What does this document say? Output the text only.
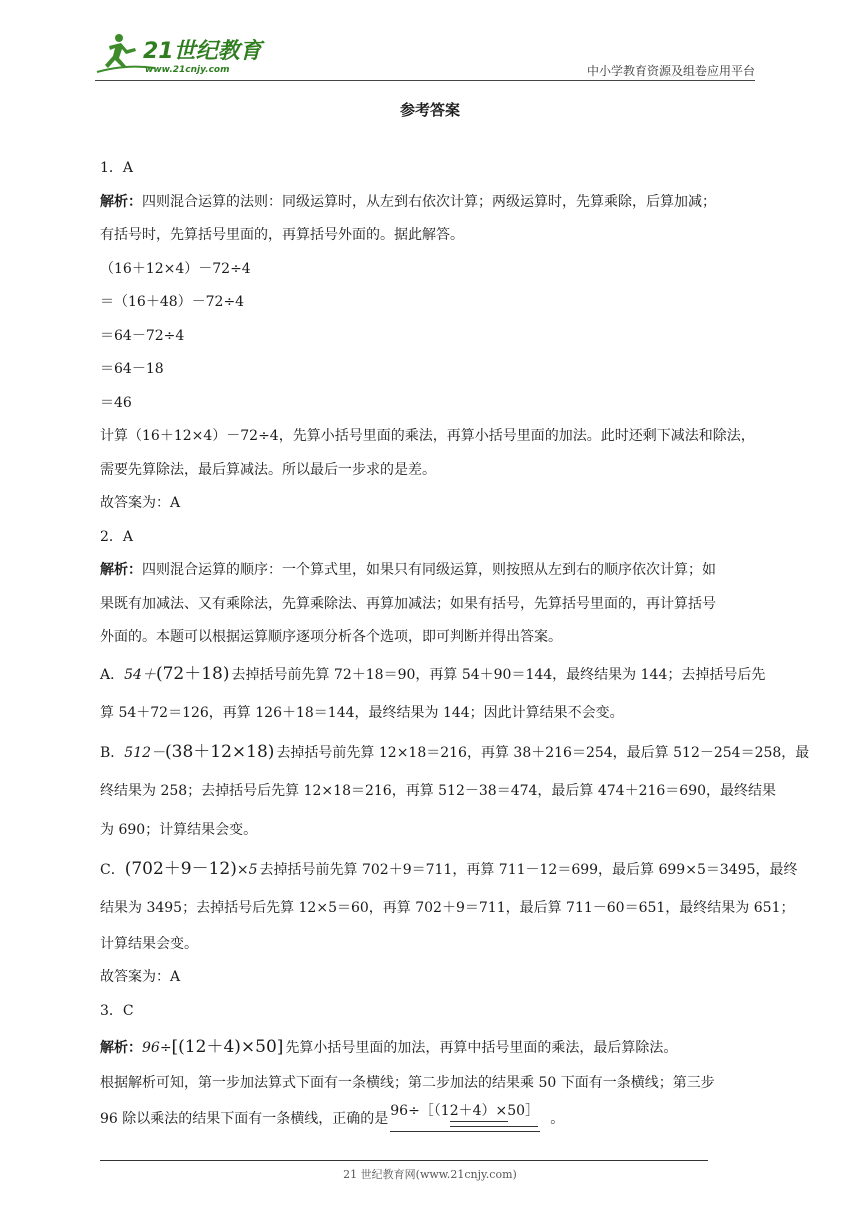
21世纪教育
www.21cnjy.com	中小学教育资源及组卷应用平台
参考答案
1．A
解析：四则混合运算的法则：同级运算时，从左到右依次计算；两级运算时，先算乘除，后算加减；
有括号时，先算括号里面的，再算括号外面的。据此解答。
（16＋12×4）－72÷4
＝（16＋48）－72÷4
＝64－72÷4
＝64－18
＝46
计算（16＋12×4）－72÷4，先算小括号里面的乘法，再算小括号里面的加法。此时还剩下减法和除法，
需要先算除法，最后算减法。所以最后一步求的是差。
故答案为：A
2．A
解析：四则混合运算的顺序：一个算式里，如果只有同级运算，则按照从左到右的顺序依次计算；如
果既有加减法、又有乘除法，先算乘除法、再算加减法；如果有括号，先算括号里面的，再计算括号
外面的。本题可以根据运算顺序逐项分析各个选项，即可判断并得出答案。
A．54＋(72＋18) 去掉括号前先算 72＋18＝90，再算 54＋90＝144，最终结果为 144；去掉括号后先
算 54＋72＝126，再算 126＋18＝144，最终结果为 144；因此计算结果不会变。
B．512－(38＋12×18) 去掉括号前先算 12×18＝216，再算 38＋216＝254，最后算 512－254＝258，最
终结果为 258；去掉括号后先算 12×18＝216，再算 512－38＝474，最后算 474＋216＝690，最终结果
为 690；计算结果会变。
C．(702＋9－12)×5 去掉括号前先算 702＋9＝711，再算 711－12＝699，最后算 699×5＝3495，最终
结果为 3495；去掉括号后先算 12×5＝60，再算 702＋9＝711，最后算 711－60＝651，最终结果为 651；
计算结果会变。
故答案为：A
3．C
解析：96÷[(12＋4)×50] 先算小括号里面的加法，再算中括号里面的乘法，最后算除法。
根据解析可知，第一步加法算式下面有一条横线；第二步加法的结果乘 50 下面有一条横线；第三步
96 除以乘法的结果下面有一条横线，正确的是 96÷［（12＋4）×50］ 。
21 世纪教育网(www.21cnjy.com)
